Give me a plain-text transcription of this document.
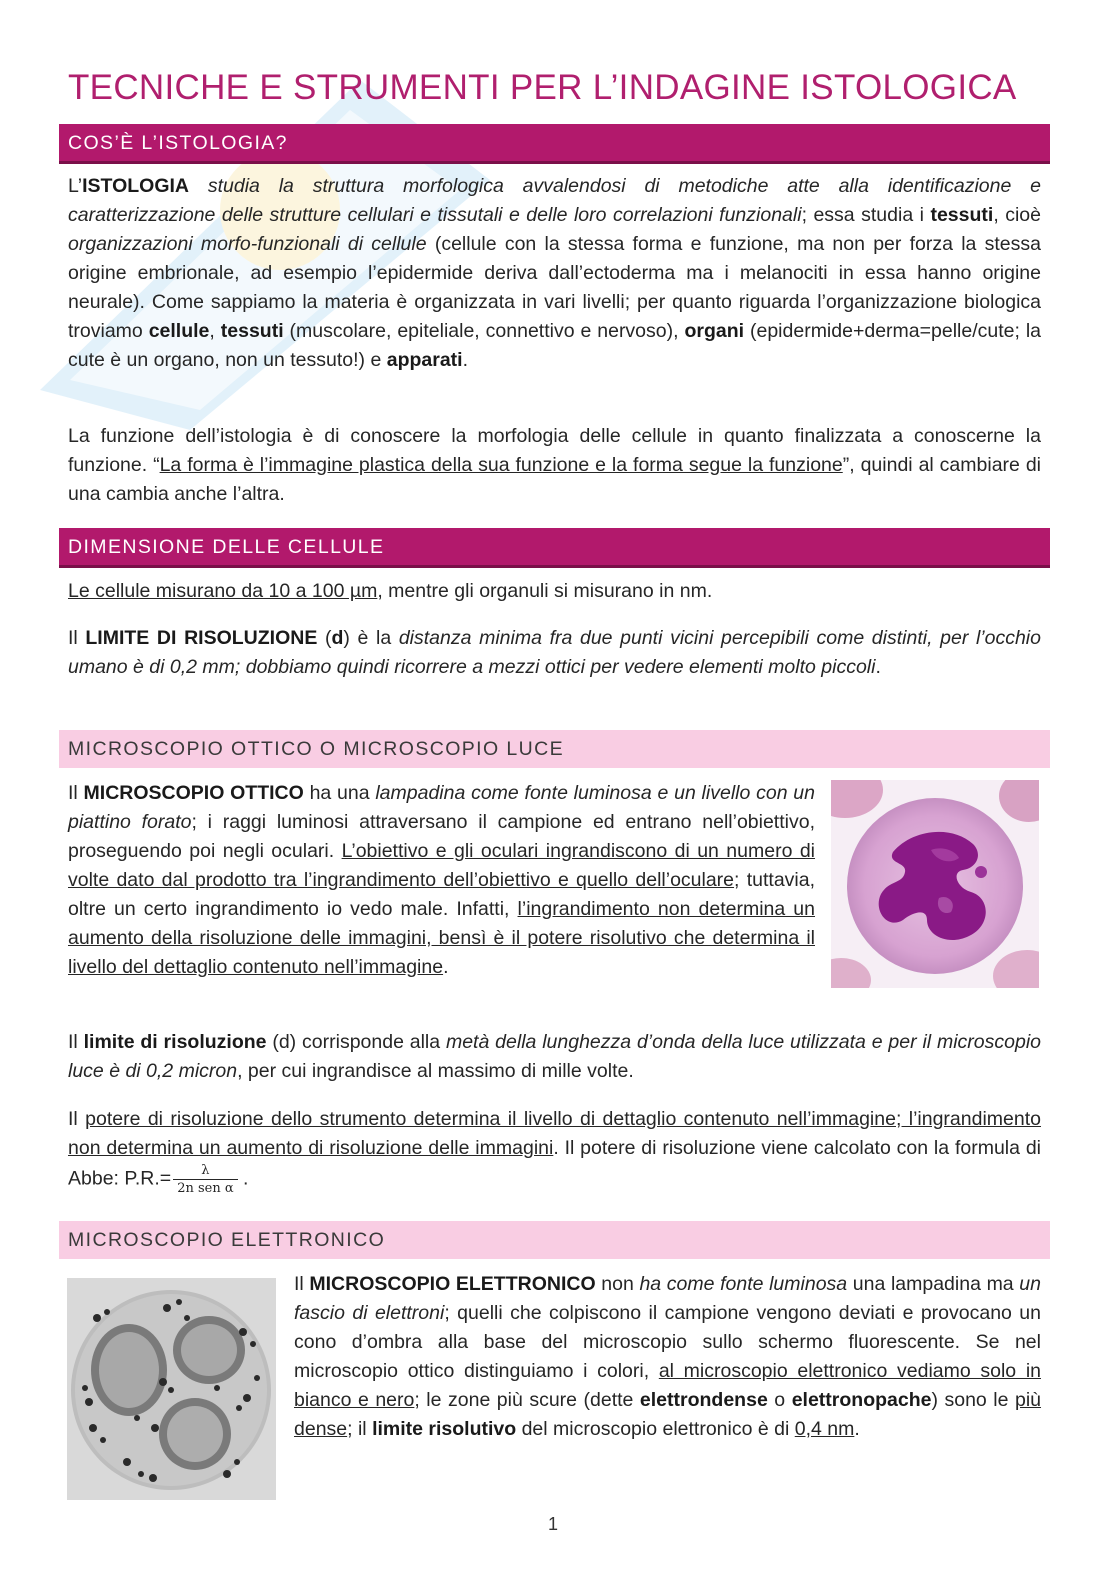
TECNICHE E STRUMENTI PER L’INDAGINE ISTOLOGICA
COS’È L’ISTOLOGIA?

L’ISTOLOGIA studia la struttura morfologica avvalendosi di metodiche atte alla identificazione e caratterizzazione delle strutture cellulari e tissutali e delle loro correlazioni funzionali; essa studia i tessuti, cioè organizzazioni morfo-funzionali di cellule (cellule con la stessa forma e funzione, ma non per forza la stessa origine embrionale, ad esempio l’epidermide deriva dall’ectoderma ma i melanociti in essa hanno origine neurale). Come sappiamo la materia è organizzata in vari livelli; per quanto riguarda l’organizzazione biologica troviamo cellule, tessuti (muscolare, epiteliale, connettivo e nervoso), organi (epidermide+derma=pelle/cute; la cute è un organo, non un tessuto!) e apparati.

La funzione dell’istologia è di conoscere la morfologia delle cellule in quanto finalizzata a conoscerne la funzione. “La forma è l’immagine plastica della sua funzione e la forma segue la funzione”, quindi al cambiare di una cambia anche l’altra.

DIMENSIONE DELLE CELLULE

Le cellule misurano da 10 a 100 µm, mentre gli organuli si misurano in nm.

Il LIMITE DI RISOLUZIONE (d) è la distanza minima fra due punti vicini percepibili come distinti, per l’occhio umano è di 0,2 mm; dobbiamo quindi ricorrere a mezzi ottici per vedere elementi molto piccoli.

MICROSCOPIO OTTICO O MICROSCOPIO LUCE

Il MICROSCOPIO OTTICO ha una lampadina come fonte luminosa e un livello con un piattino forato; i raggi luminosi attraversano il campione ed entrano nell’obiettivo, proseguendo poi negli oculari. L’obiettivo e gli oculari ingrandiscono di un numero di volte dato dal prodotto tra l’ingrandimento dell’obiettivo e quello dell’oculare; tuttavia, oltre un certo ingrandimento io vedo male. Infatti, l’ingrandimento non determina un aumento della risoluzione delle immagini, bensì è il potere risolutivo che determina il livello del dettaglio contenuto nell’immagine.

Il limite di risoluzione (d) corrisponde alla metà della lunghezza d’onda della luce utilizzata e per il microscopio luce è di 0,2 micron, per cui ingrandisce al massimo di mille volte.

Il potere di risoluzione dello strumento determina il livello di dettaglio contenuto nell’immagine; l’ingrandimento non determina un aumento di risoluzione delle immagini. Il potere di risoluzione viene calcolato con la formula di Abbe: $P.R.= \frac{\lambda}{\text{2n sen α}}$ .

MICROSCOPIO ELETTRONICO

Il MICROSCOPIO ELETTRONICO non ha come fonte luminosa una lampadina ma un fascio di elettroni; quelli che colpiscono il campione vengono deviati e provocano un cono d’ombra alla base del microscopio sullo schermo fluorescente. Se nel microscopio ottico distinguiamo i colori, al microscopio elettronico vediamo solo in bianco e nero; le zone più scure (dette elettrondense o elettronopache) sono le più dense; il limite risolutivo del microscopio elettronico è di 0,4 nm.

1
